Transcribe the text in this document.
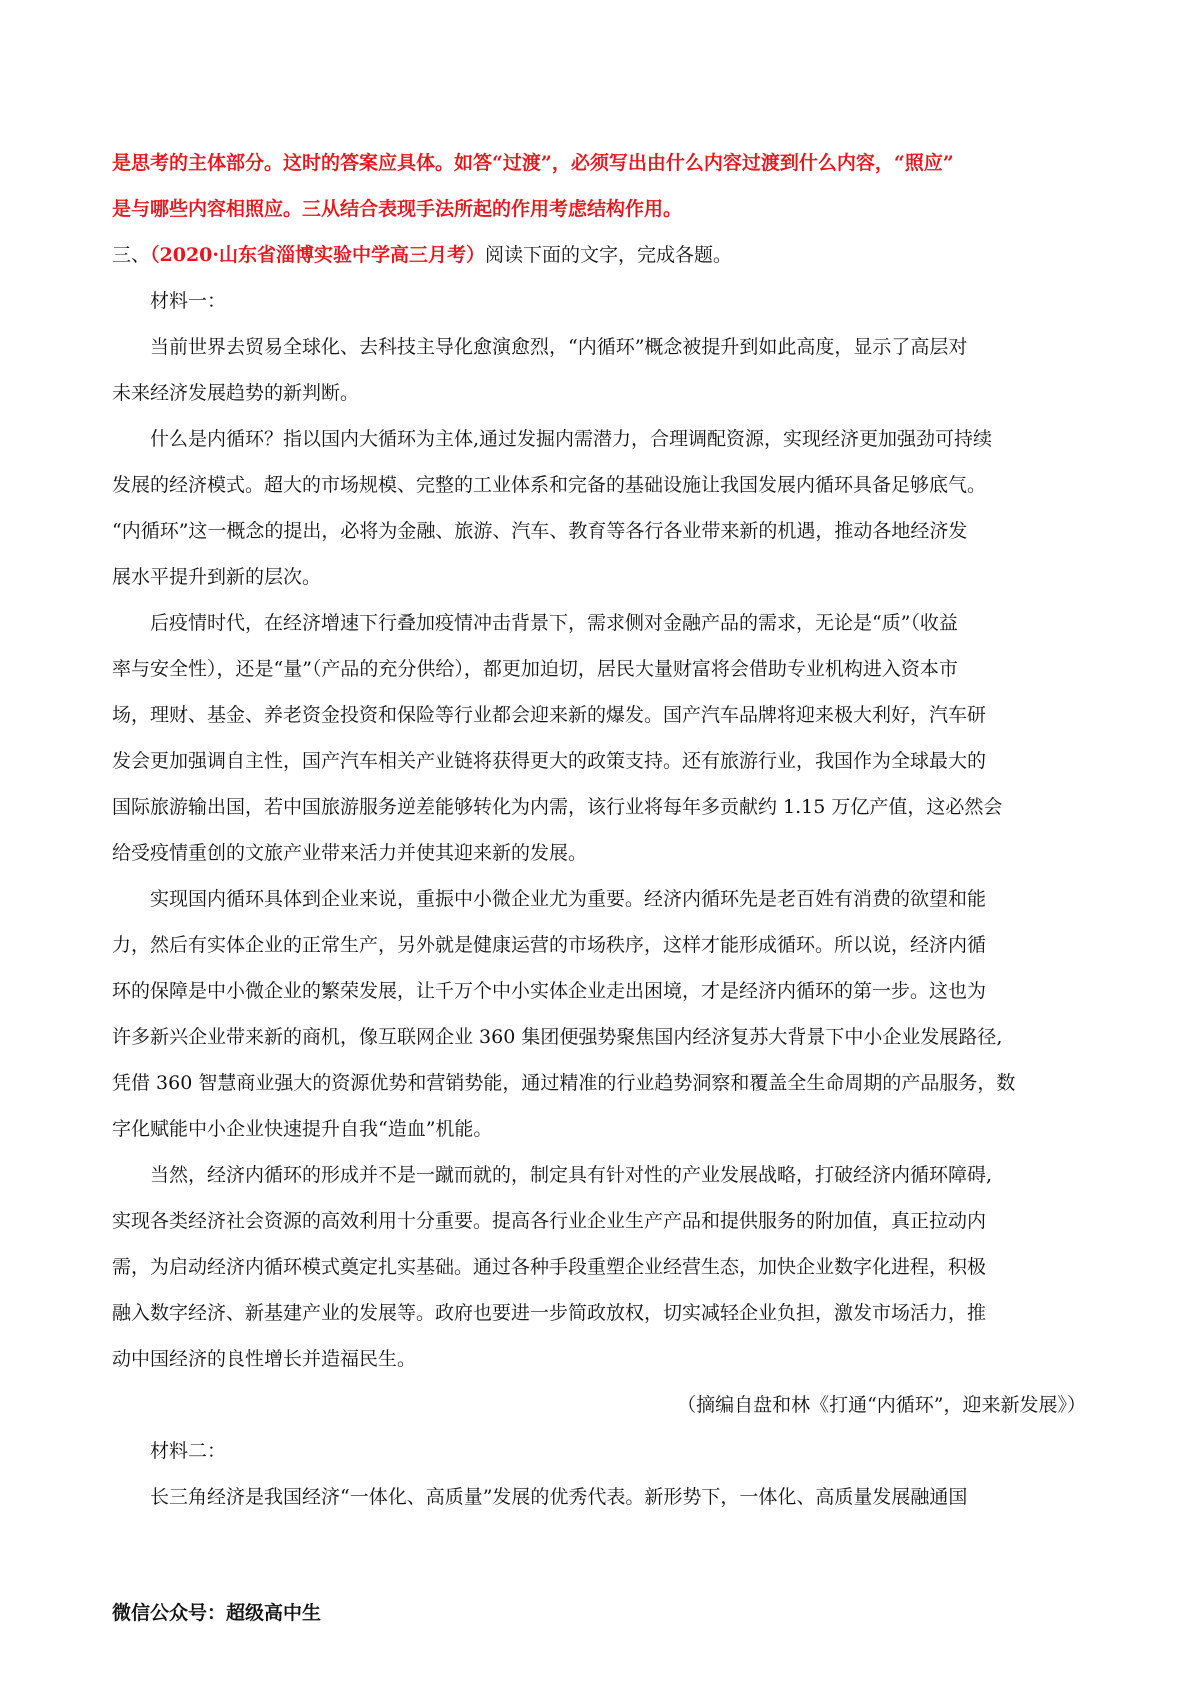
是思考的主体部分。这时的答案应具体。如答“过渡”，必须写出由什么内容过渡到什么内容，“照应”

是与哪些内容相照应。三从结合表现手法所起的作用考虑结构作用。

三、（2020·山东省淄博实验中学高三月考）阅读下面的文字，完成各题。

材料一：

当前世界去贸易全球化、去科技主导化愈演愈烈，“内循环”概念被提升到如此高度，显示了高层对

未来经济发展趋势的新判断。

什么是内循环？指以国内大循环为主体,通过发掘内需潜力，合理调配资源，实现经济更加强劲可持续

发展的经济模式。超大的市场规模、完整的工业体系和完备的基础设施让我国发展内循环具备足够底气。

“内循环”这一概念的提出，必将为金融、旅游、汽车、教育等各行各业带来新的机遇，推动各地经济发

展水平提升到新的层次。

后疫情时代，在经济增速下行叠加疫情冲击背景下，需求侧对金融产品的需求，无论是“质”（收益

率与安全性），还是“量”（产品的充分供给），都更加迫切，居民大量财富将会借助专业机构进入资本市

场，理财、基金、养老资金投资和保险等行业都会迎来新的爆发。国产汽车品牌将迎来极大利好，汽车研

发会更加强调自主性，国产汽车相关产业链将获得更大的政策支持。还有旅游行业，我国作为全球最大的

国际旅游输出国，若中国旅游服务逆差能够转化为内需，该行业将每年多贡献约 1.15 万亿产值，这必然会

给受疫情重创的文旅产业带来活力并使其迎来新的发展。

实现国内循环具体到企业来说，重振中小微企业尤为重要。经济内循环先是老百姓有消费的欲望和能

力，然后有实体企业的正常生产，另外就是健康运营的市场秩序，这样才能形成循环。所以说，经济内循

环的保障是中小微企业的繁荣发展，让千万个中小实体企业走出困境，才是经济内循环的第一步。这也为

许多新兴企业带来新的商机，像互联网企业 360 集团便强势聚焦国内经济复苏大背景下中小企业发展路径,

凭借 360 智慧商业强大的资源优势和营销势能，通过精准的行业趋势洞察和覆盖全生命周期的产品服务，数

字化赋能中小企业快速提升自我“造血”机能。

当然，经济内循环的形成并不是一蹴而就的，制定具有针对性的产业发展战略，打破经济内循环障碍,

实现各类经济社会资源的高效利用十分重要。提高各行业企业生产产品和提供服务的附加值，真正拉动内

需，为启动经济内循环模式奠定扎实基础。通过各种手段重塑企业经营生态，加快企业数字化进程，积极

融入数字经济、新基建产业的发展等。政府也要进一步简政放权，切实减轻企业负担，激发市场活力，推

动中国经济的良性增长并造福民生。

（摘编自盘和林《打通“内循环”，迎来新发展》）

材料二：

长三角经济是我国经济“一体化、高质量”发展的优秀代表。新形势下，一体化、高质量发展融通国

微信公众号：超级高中生
